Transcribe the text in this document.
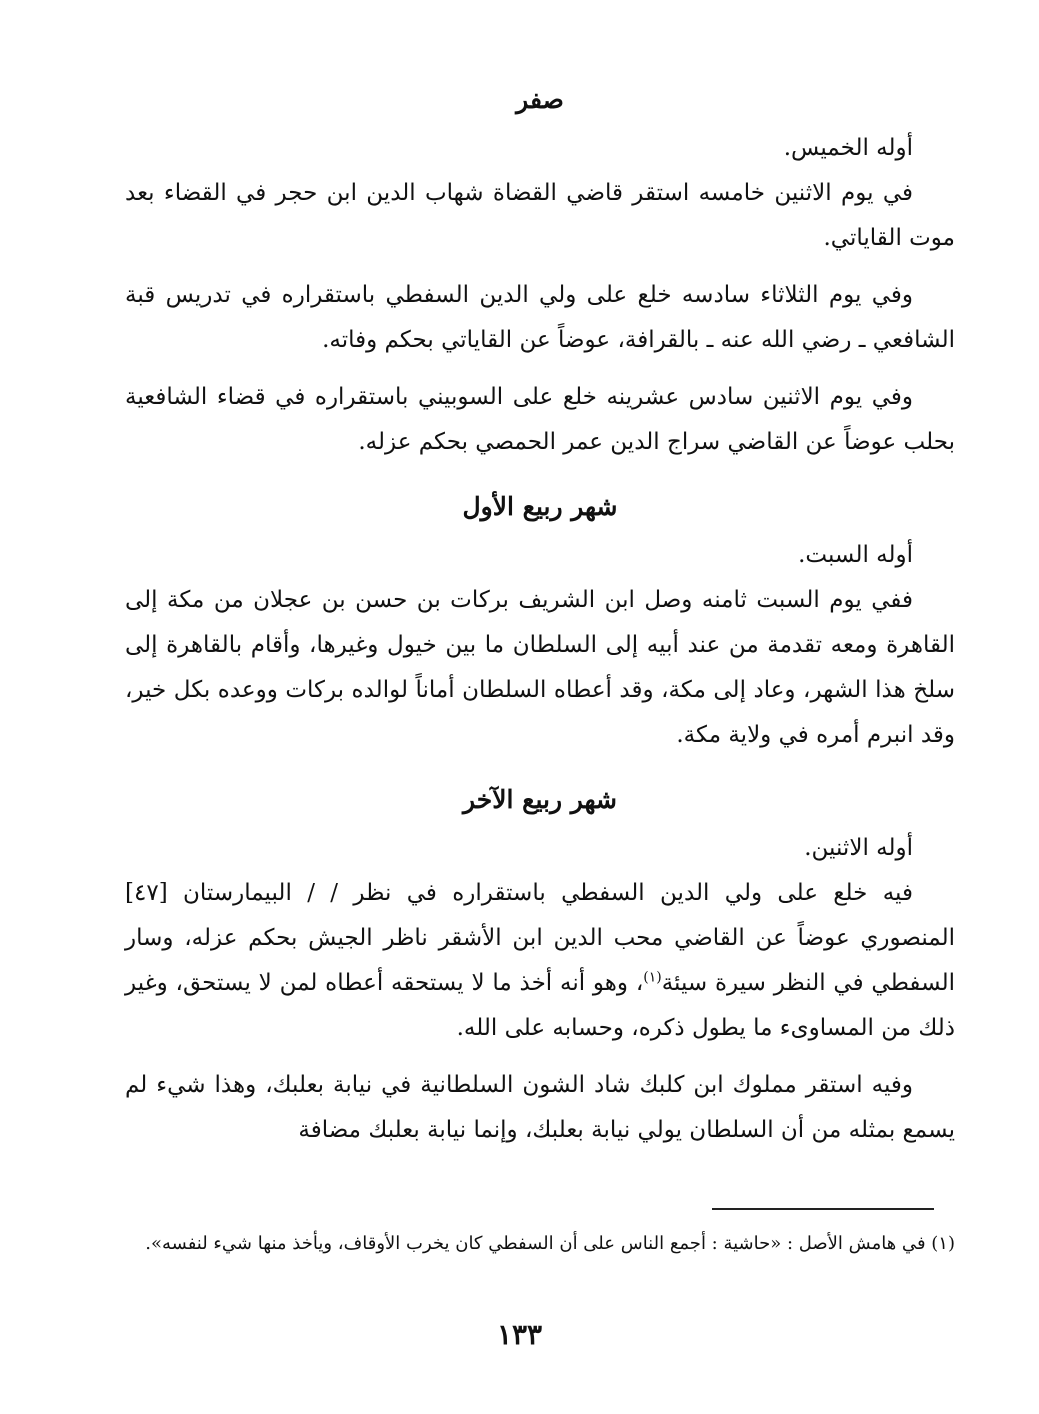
صفر

أوله الخميس.

في يوم الاثنين خامسه استقر قاضي القضاة شهاب الدين ابن حجر في القضاء بعد موت القاياتي.

وفي يوم الثلاثاء سادسه خلع على ولي الدين السفطي باستقراره في تدريس قبة الشافعي ـ رضي الله عنه ـ بالقرافة، عوضاً عن القاياتي بحكم وفاته.

وفي يوم الاثنين سادس عشرينه خلع على السوبيني باستقراره في قضاء الشافعية بحلب عوضاً عن القاضي سراج الدين عمر الحمصي بحكم عزله.

شهر ربيع الأول

أوله السبت.

ففي يوم السبت ثامنه وصل ابن الشريف بركات بن حسن بن عجلان من مكة إلى القاهرة ومعه تقدمة من عند أبيه إلى السلطان ما بين خيول وغيرها، وأقام بالقاهرة إلى سلخ هذا الشهر، وعاد إلى مكة، وقد أعطاه السلطان أماناً لوالده بركات ووعده بكل خير، وقد انبرم أمره في ولاية مكة.

شهر ربيع الآخر

أوله الاثنين.

فيه خلع على ولي الدين السفطي باستقراره في نظر / / البيمارستان [٤٧] المنصوري عوضاً عن القاضي محب الدين ابن الأشقر ناظر الجيش بحكم عزله، وسار السفطي في النظر سيرة سيئة$^{(١)}$، وهو أنه أخذ ما لا يستحقه أعطاه لمن لا يستحق، وغير ذلك من المساوىء ما يطول ذكره، وحسابه على الله.

وفيه استقر مملوك ابن كلبك شاد الشون السلطانية في نيابة بعلبك، وهذا شيء لم يسمع بمثله من أن السلطان يولي نيابة بعلبك، وإنما نيابة بعلبك مضافة

(١) في هامش الأصل : «حاشية : أجمع الناس على أن السفطي كان يخرب الأوقاف، ويأخذ منها شيء لنفسه».

١٣٣
